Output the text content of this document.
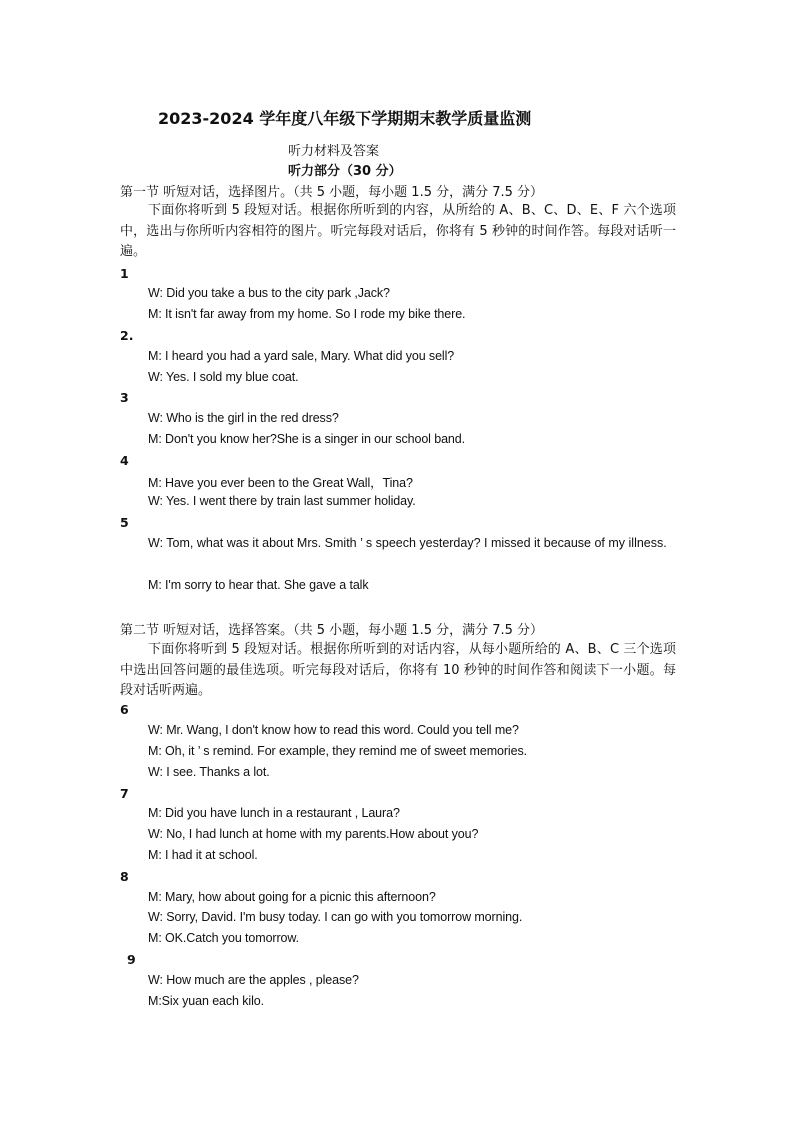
2023-2024 学年度八年级下学期期末教学质量监测
听力材料及答案
听力部分（30 分）
第一节 听短对话，选择图片。（共 5 小题，每小题 1.5 分，满分 7.5 分）
下面你将听到 5 段短对话。根据你所听到的内容，从所给的 A、B、C、D、E、F 六个选项中，选出与你所听内容相符的图片。听完每段对话后，你将有 5 秒钟的时间作答。每段对话听一遍。
1
W: Did you take a bus to the city park ,Jack?
M: It isn't far away from my home. So I rode my bike there.
2.
M: I heard you had a yard sale, Mary. What did you sell?
W: Yes. I sold my blue coat.
3
W: Who is the girl in the red dress?
M: Don't you know her?She is a singer in our school band.
4
M: Have you ever been to the Great Wall，Tina?
W: Yes. I went there by train last summer holiday.
5
W: Tom, what was it about Mrs. Smith ’ s speech yesterday? I missed it because of my illness.
M: I'm sorry to hear that. She gave a talk
第二节 听短对话，选择答案。（共 5 小题，每小题 1.5 分，满分 7.5 分）
下面你将听到 5 段短对话。根据你所听到的对话内容，从每小题所给的 A、B、C 三个选项中选出回答问题的最佳选项。听完每段对话后，你将有 10 秒钟的时间作答和阅读下一小题。每段对话听两遍。
6
W: Mr. Wang, I don't know how to read this word. Could you tell me?
M: Oh, it ’ s remind. For example, they remind me of sweet memories.
W: I see. Thanks a lot.
7
M: Did you have lunch in a restaurant , Laura?
W: No, I had lunch at home with my parents.How about you?
M: I had it at school.
8
M: Mary, how about going for a picnic this afternoon?
W: Sorry, David. I'm busy today. I can go with you tomorrow morning.
M: OK.Catch you tomorrow.
9
W: How much are the apples , please?
M:Six yuan each kilo.
